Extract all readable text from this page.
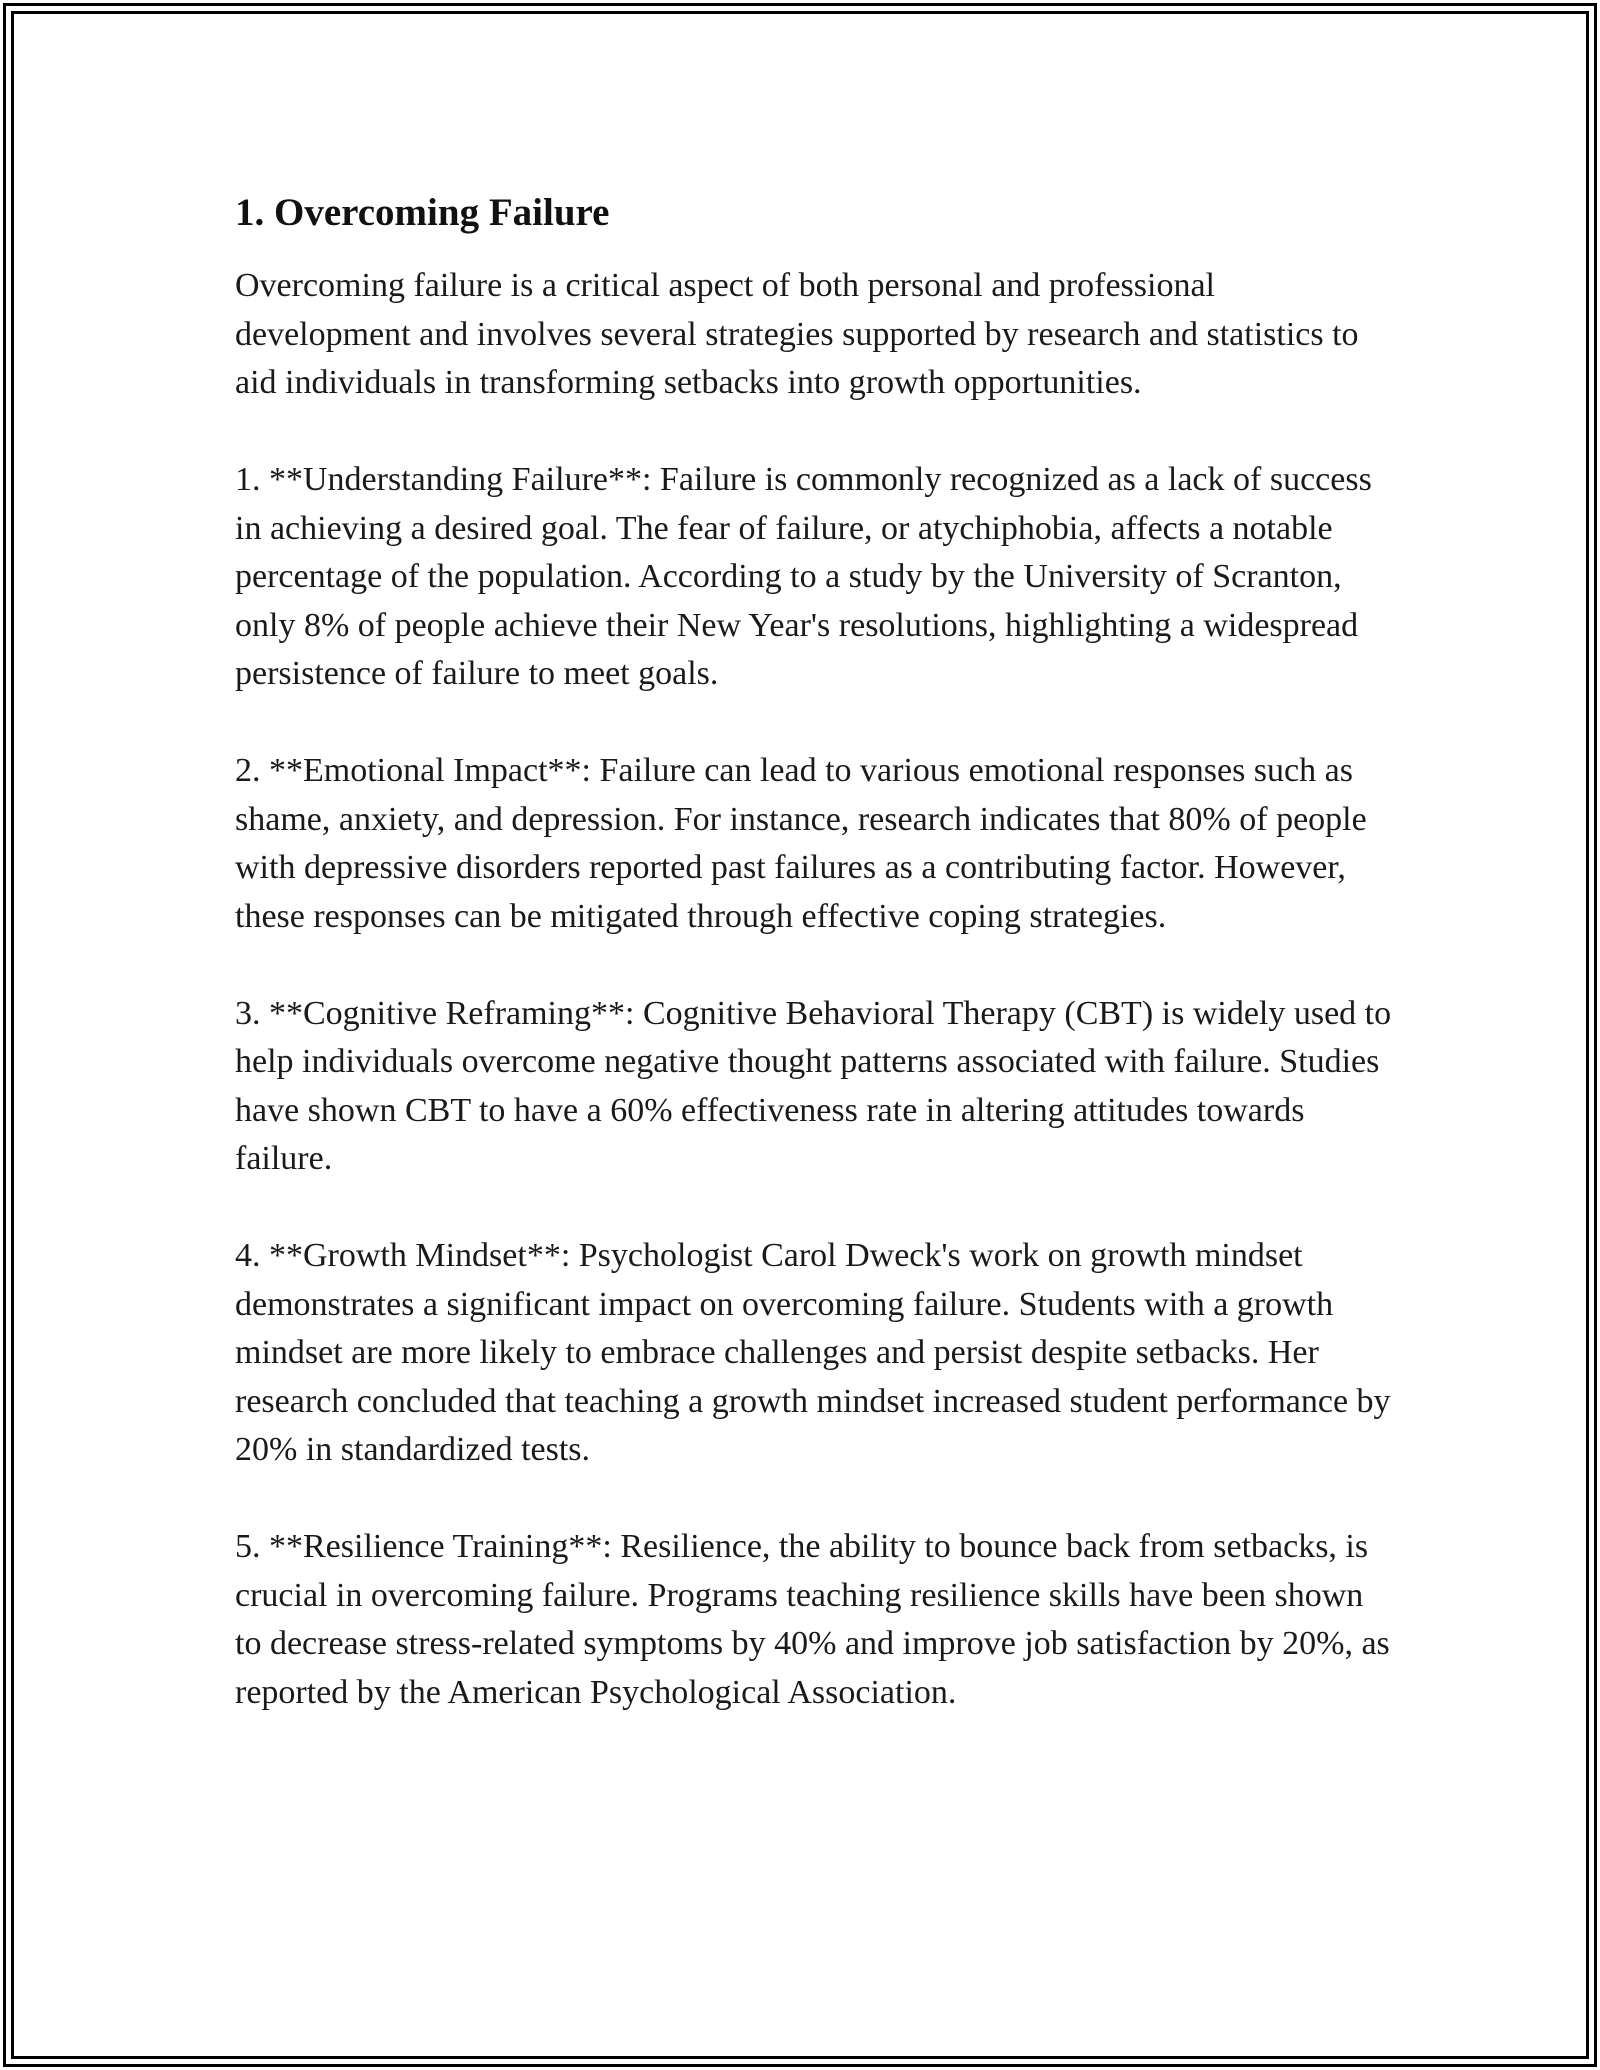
1. Overcoming Failure

Overcoming failure is a critical aspect of both personal and professional development and involves several strategies supported by research and statistics to aid individuals in transforming setbacks into growth opportunities.

1. **Understanding Failure**: Failure is commonly recognized as a lack of success in achieving a desired goal. The fear of failure, or atychiphobia, affects a notable percentage of the population. According to a study by the University of Scranton, only 8% of people achieve their New Year's resolutions, highlighting a widespread persistence of failure to meet goals.

2. **Emotional Impact**: Failure can lead to various emotional responses such as shame, anxiety, and depression. For instance, research indicates that 80% of people with depressive disorders reported past failures as a contributing factor. However, these responses can be mitigated through effective coping strategies.

3. **Cognitive Reframing**: Cognitive Behavioral Therapy (CBT) is widely used to help individuals overcome negative thought patterns associated with failure. Studies have shown CBT to have a 60% effectiveness rate in altering attitudes towards failure.

4. **Growth Mindset**: Psychologist Carol Dweck's work on growth mindset demonstrates a significant impact on overcoming failure. Students with a growth mindset are more likely to embrace challenges and persist despite setbacks. Her research concluded that teaching a growth mindset increased student performance by 20% in standardized tests.

5. **Resilience Training**: Resilience, the ability to bounce back from setbacks, is crucial in overcoming failure. Programs teaching resilience skills have been shown to decrease stress-related symptoms by 40% and improve job satisfaction by 20%, as reported by the American Psychological Association.
